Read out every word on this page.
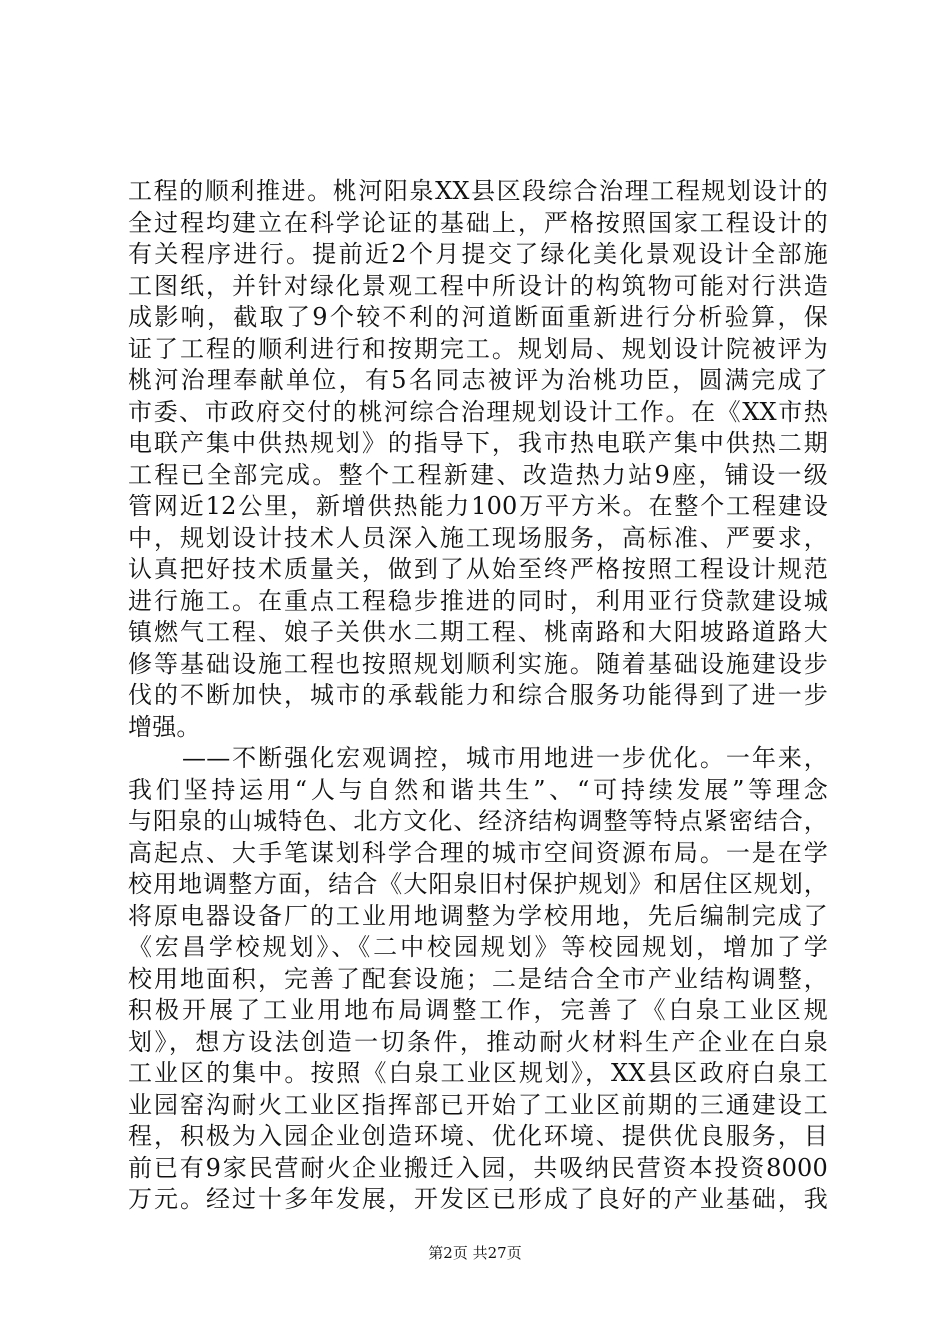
工程的顺利推进。桃河阳泉XX县区段综合治理工程规划设计的
全过程均建立在科学论证的基础上，严格按照国家工程设计的
有关程序进行。提前近2个月提交了绿化美化景观设计全部施
工图纸，并针对绿化景观工程中所设计的构筑物可能对行洪造
成影响，截取了9个较不利的河道断面重新进行分析验算，保
证了工程的顺利进行和按期完工。规划局、规划设计院被评为
桃河治理奉献单位，有5名同志被评为治桃功臣，圆满完成了
市委、市政府交付的桃河综合治理规划设计工作。在《XX市热
电联产集中供热规划》的指导下，我市热电联产集中供热二期
工程已全部完成。整个工程新建、改造热力站9座，铺设一级
管网近12公里，新增供热能力100万平方米。在整个工程建设
中，规划设计技术人员深入施工现场服务，高标准、严要求，
认真把好技术质量关，做到了从始至终严格按照工程设计规范
进行施工。在重点工程稳步推进的同时，利用亚行贷款建设城
镇燃气工程、娘子关供水二期工程、桃南路和大阳坡路道路大
修等基础设施工程也按照规划顺利实施。随着基础设施建设步
伐的不断加快，城市的承载能力和综合服务功能得到了进一步
增强。
——不断强化宏观调控，城市用地进一步优化。一年来，
我们坚持运用“人与自然和谐共生”、“可持续发展”等理念
与阳泉的山城特色、北方文化、经济结构调整等特点紧密结合，
高起点、大手笔谋划科学合理的城市空间资源布局。一是在学
校用地调整方面，结合《大阳泉旧村保护规划》和居住区规划，
将原电器设备厂的工业用地调整为学校用地，先后编制完成了
《宏昌学校规划》、《二中校园规划》等校园规划，增加了学
校用地面积，完善了配套设施；二是结合全市产业结构调整，
积极开展了工业用地布局调整工作，完善了《白泉工业区规
划》，想方设法创造一切条件，推动耐火材料生产企业在白泉
工业区的集中。按照《白泉工业区规划》，XX县区政府白泉工
业园窑沟耐火工业区指挥部已开始了工业区前期的三通建设工
程，积极为入园企业创造环境、优化环境、提供优良服务，目
前已有9家民营耐火企业搬迁入园，共吸纳民营资本投资8000
万元。经过十多年发展，开发区已形成了良好的产业基础，我
第2页 共27页
